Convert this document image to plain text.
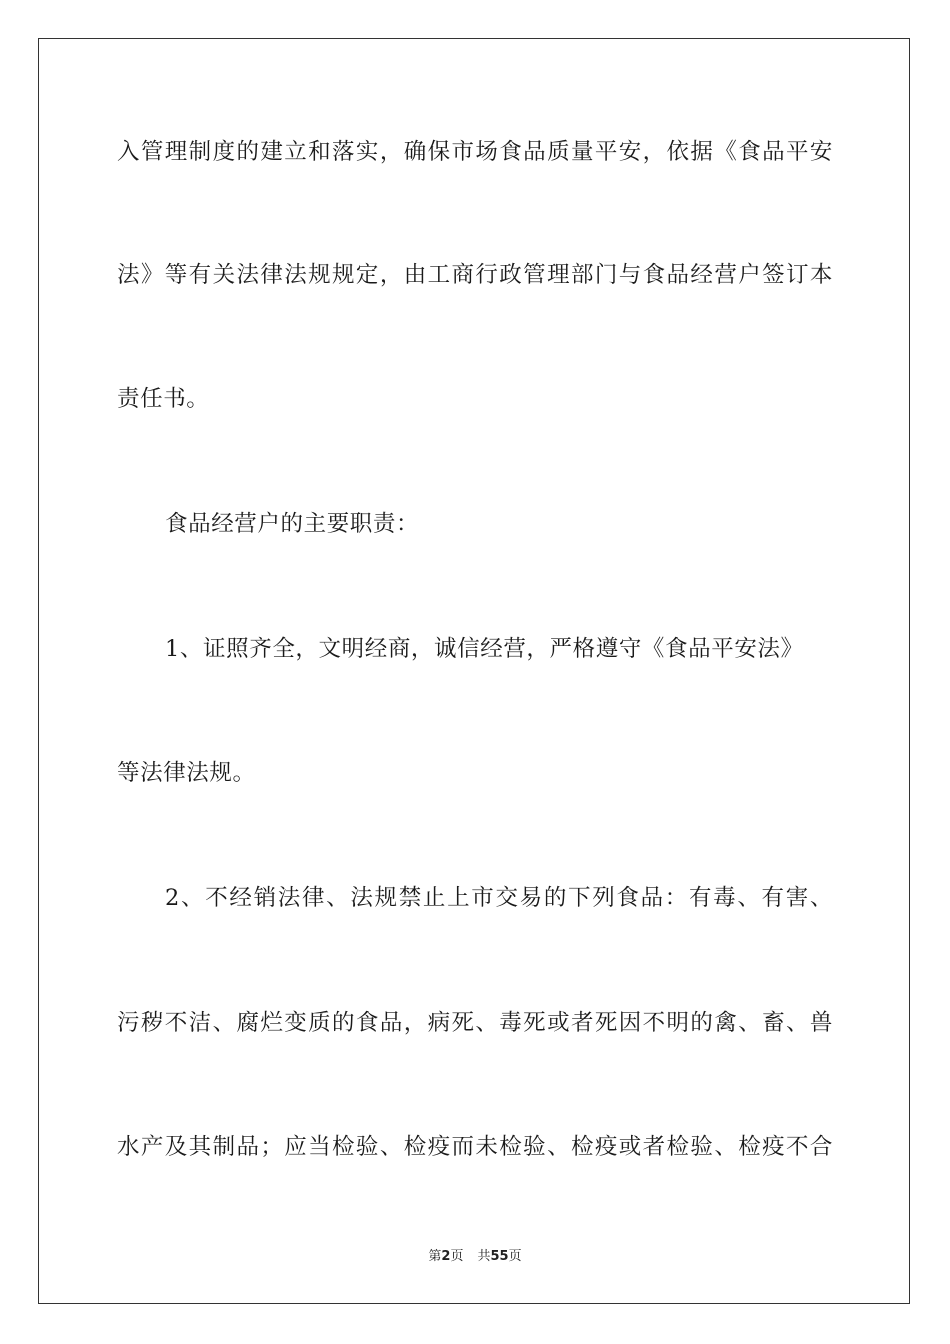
入管理制度的建立和落实，确保市场食品质量平安，依据《食品平安
法》等有关法律法规规定，由工商行政管理部门与食品经营户签订本
责任书。
食品经营户的主要职责：
1、证照齐全，文明经商，诚信经营，严格遵守《食品平安法》
等法律法规。
2、不经销法律、法规禁止上市交易的下列食品：有毒、有害、
污秽不洁、腐烂变质的食品，病死、毒死或者死因不明的禽、畜、兽
水产及其制品；应当检验、检疫而未检验、检疫或者检验、检疫不合
第2页 共55页
